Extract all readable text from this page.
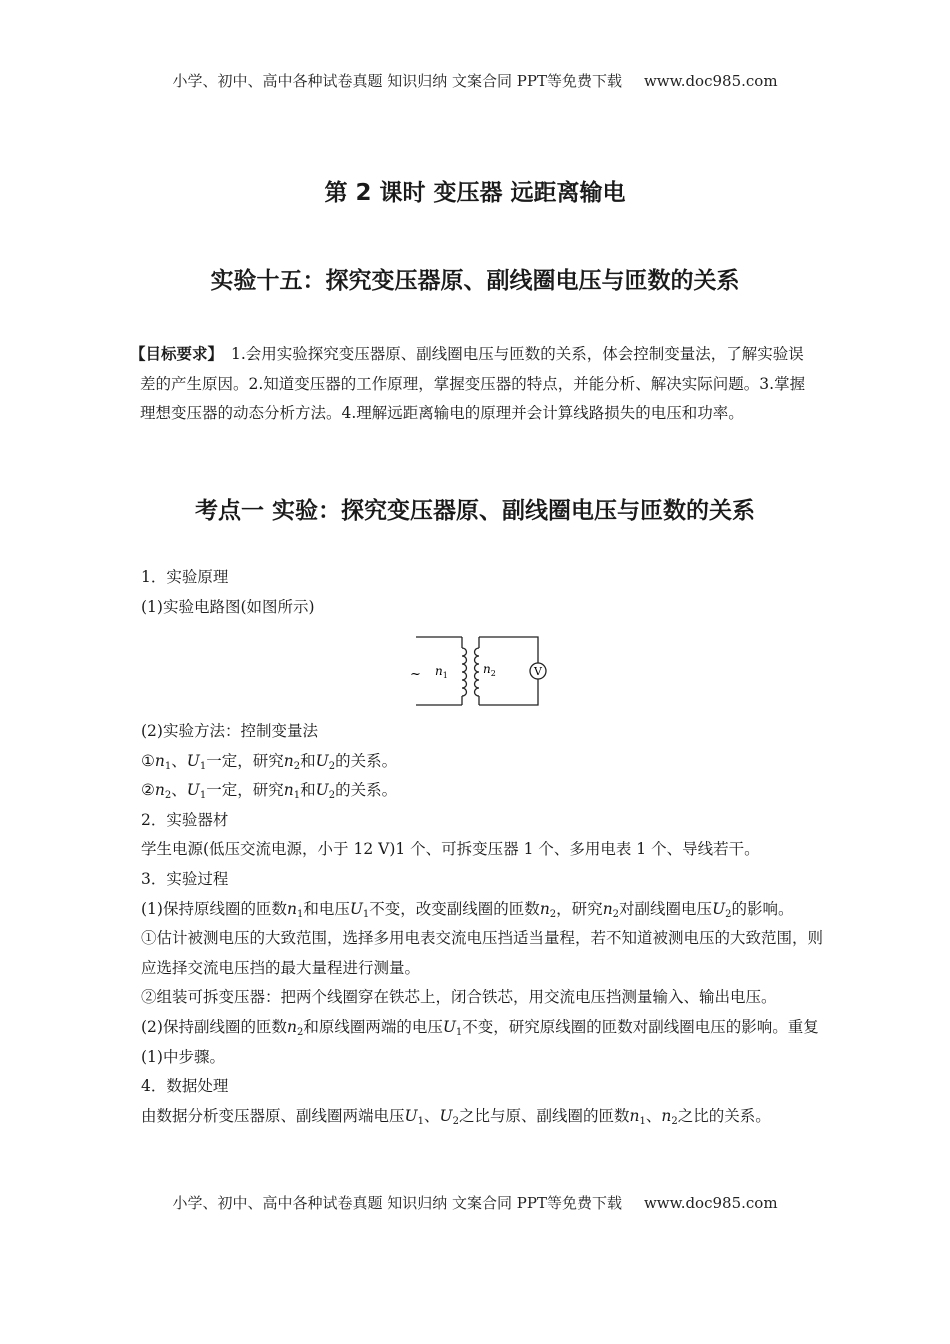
小学、初中、高中各种试卷真题 知识归纳 文案合同 PPT等免费下载 www.doc985.com
第 2 课时 变压器 远距离输电
实验十五：探究变压器原、副线圈电压与匝数的关系

【目标要求】 1.会用实验探究变压器原、副线圈电压与匝数的关系，体会控制变量法，了解实验误差的产生原因。2.知道变压器的工作原理，掌握变压器的特点，并能分析、解决实际问题。3.掌握理想变压器的动态分析方法。4.理解远距离输电的原理并会计算线路损失的电压和功率。

考点一 实验：探究变压器原、副线圈电压与匝数的关系
1．实验原理
(1)实验电路图(如图所示)
V
~ $n_1$	$n_2$
(2)实验方法：控制变量法
$①n_1$、$U_1$一定，研究$n_2$和$U_2$的关系。
$②n_2$、$U_1$一定，研究$n_1$和$U_2$的关系。
2．实验器材
学生电源(低压交流电源，小于 12 V)1 个、可拆变压器 1 个、多用电表 1 个、导线若干。
3．实验过程
(1)保持原线圈的匝数$n_1$和电压$U_1$不变，改变副线圈的匝数$n_2$，研究$n_2$对副线圈电压$U_2$的影响。
①估计被测电压的大致范围，选择多用电表交流电压挡适当量程，若不知道被测电压的大致范围，则应选择交流电压挡的最大量程进行测量。
②组装可拆变压器：把两个线圈穿在铁芯上，闭合铁芯，用交流电压挡测量输入、输出电压。
(2)保持副线圈的匝数$n_2$和原线圈两端的电压$U_1$不变，研究原线圈的匝数对副线圈电压的影响。重复(1)中步骤。
4．数据处理
由数据分析变压器原、副线圈两端电压$U_1$、$U_2$之比与原、副线圈的匝数$n_1$、$n_2$之比的关系。
小学、初中、高中各种试卷真题 知识归纳 文案合同 PPT等免费下载 www.doc985.com
